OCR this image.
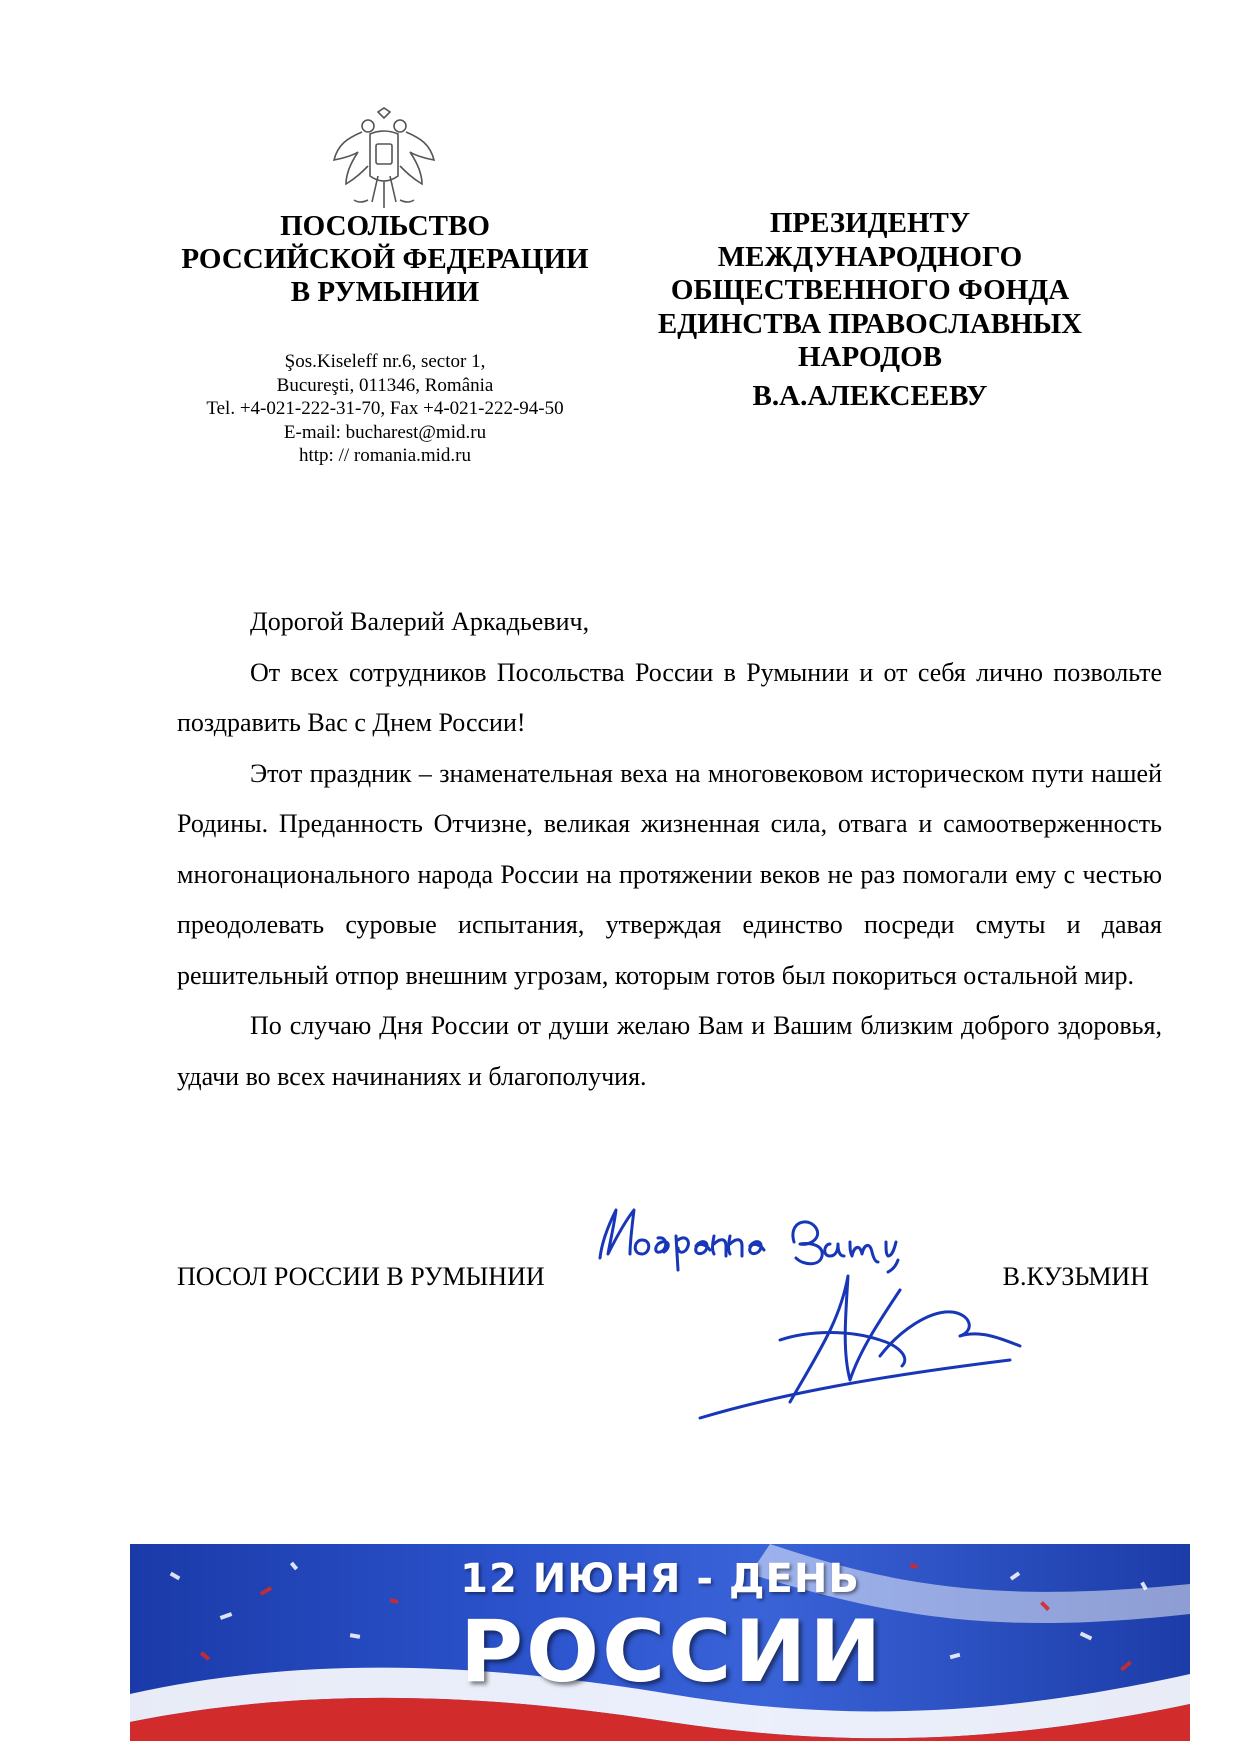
ПОСОЛЬСТВО
РОССИЙСКОЙ ФЕДЕРАЦИИ
В РУМЫНИИ
Şos.Kiseleff nr.6, sector 1,
Bucureşti, 011346, România
Tel. +4-021-222-31-70, Fax +4-021-222-94-50
E-mail: bucharest@mid.ru
http: // romania.mid.ru
ПРЕЗИДЕНТУ
МЕЖДУНАРОДНОГО
ОБЩЕСТВЕННОГО ФОНДА
ЕДИНСТВА ПРАВОСЛАВНЫХ
НАРОДОВ
В.А.АЛЕКСЕЕВУ

Дорогой Валерий Аркадьевич,

От всех сотрудников Посольства России в Румынии и от себя лично позвольте поздравить Вас с Днем России!

Этот праздник – знаменательная веха на многовековом историческом пути нашей Родины. Преданность Отчизне, великая жизненная сила, отвага и самоотверженность многонационального народа России на протяжении веков не раз помогали ему с честью преодолевать суровые испытания, утверждая единство посреди смуты и давая решительный отпор внешним угрозам, которым готов был покориться остальной мир.

По случаю Дня России от души желаю Вам и Вашим близким доброго здоровья, удачи во всех начинаниях и благополучия.

ПОСОЛ РОССИИ В РУМЫНИИ	В.КУЗЬМИН
12 ИЮНЯ - ДЕНЬ
РОССИИ
